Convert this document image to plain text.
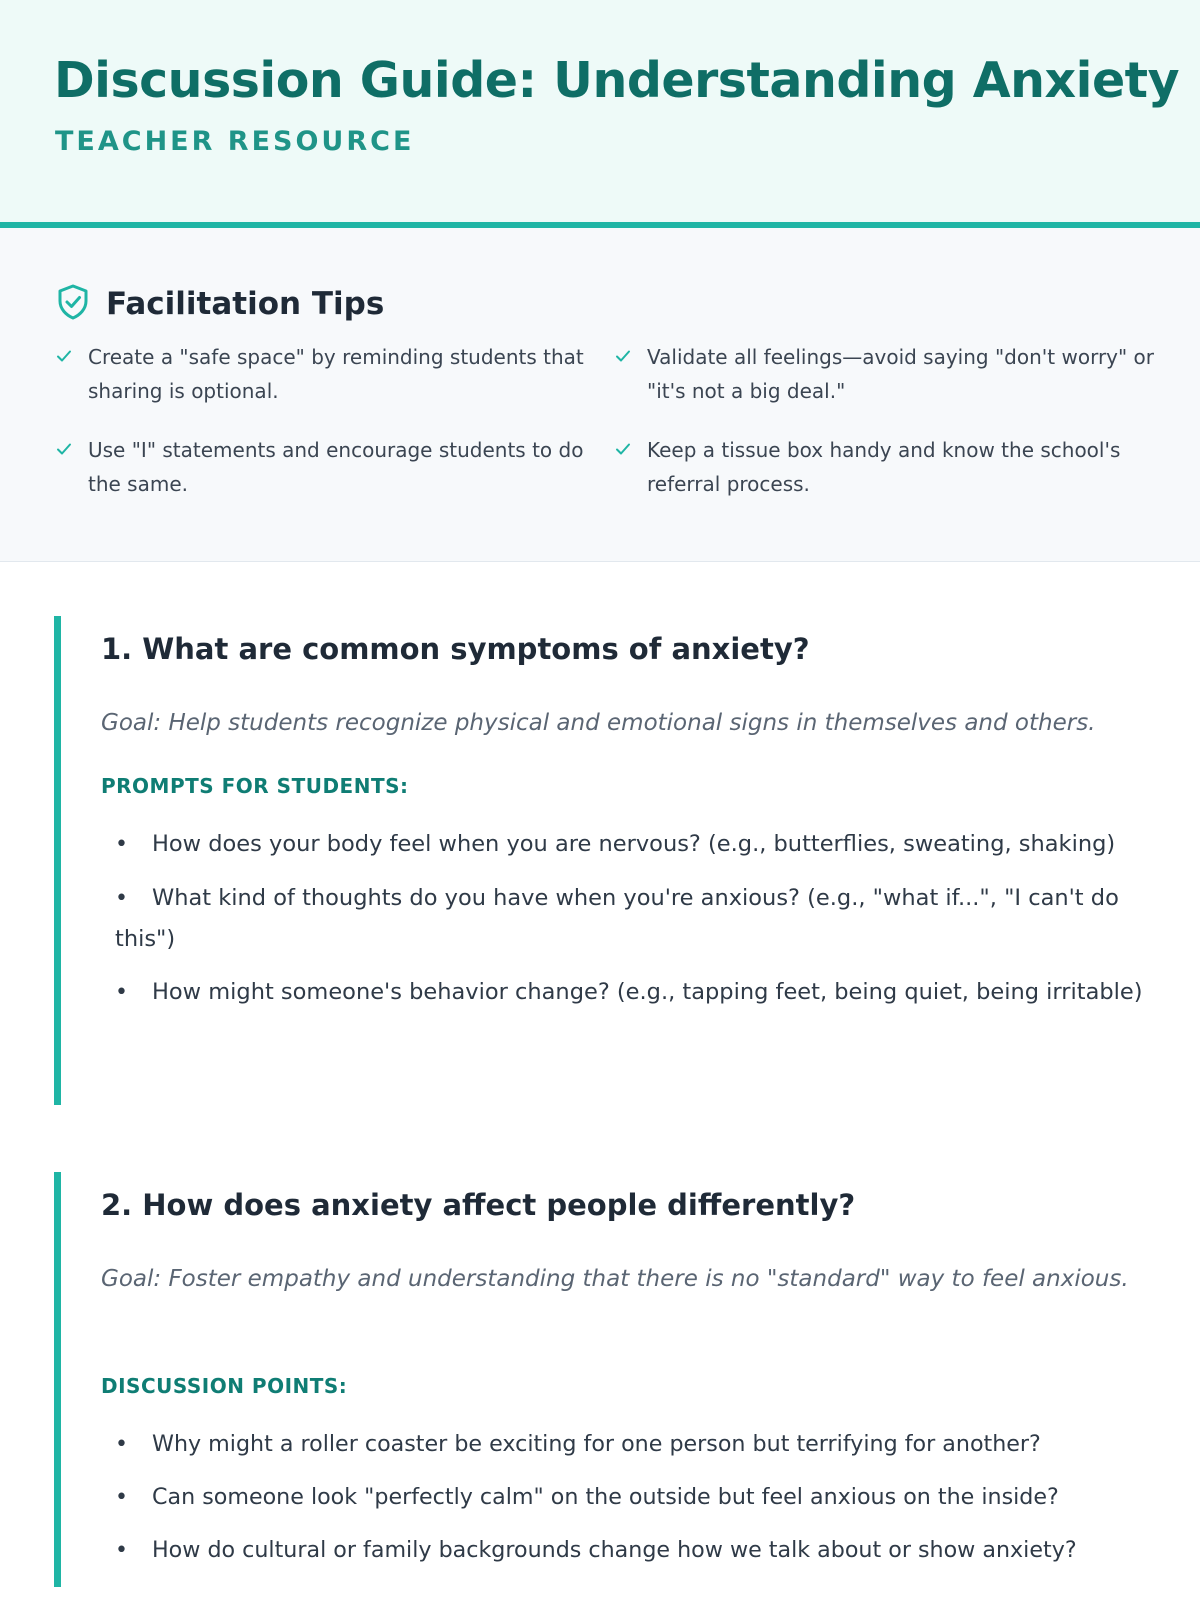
Discussion Guide: Understanding Anxiety
TEACHER RESOURCE
Facilitation Tips
Create a "safe space" by reminding students that sharing is optional.
Validate all feelings—avoid saying "don't worry" or "it's not a big deal."
Use "I" statements and encourage students to do the same.
Keep a tissue box handy and know the school's referral process.
1. What are common symptoms of anxiety?
Goal: Help students recognize physical and emotional signs in themselves and others.
PROMPTS FOR STUDENTS:
• How does your body feel when you are nervous? (e.g., butterflies, sweating, shaking)
• What kind of thoughts do you have when you're anxious? (e.g., "what if...", "I can't do this")
• How might someone's behavior change? (e.g., tapping feet, being quiet, being irritable)
2. How does anxiety affect people differently?
Goal: Foster empathy and understanding that there is no "standard" way to feel anxious.
DISCUSSION POINTS:
• Why might a roller coaster be exciting for one person but terrifying for another?
• Can someone look "perfectly calm" on the outside but feel anxious on the inside?
• How do cultural or family backgrounds change how we talk about or show anxiety?
